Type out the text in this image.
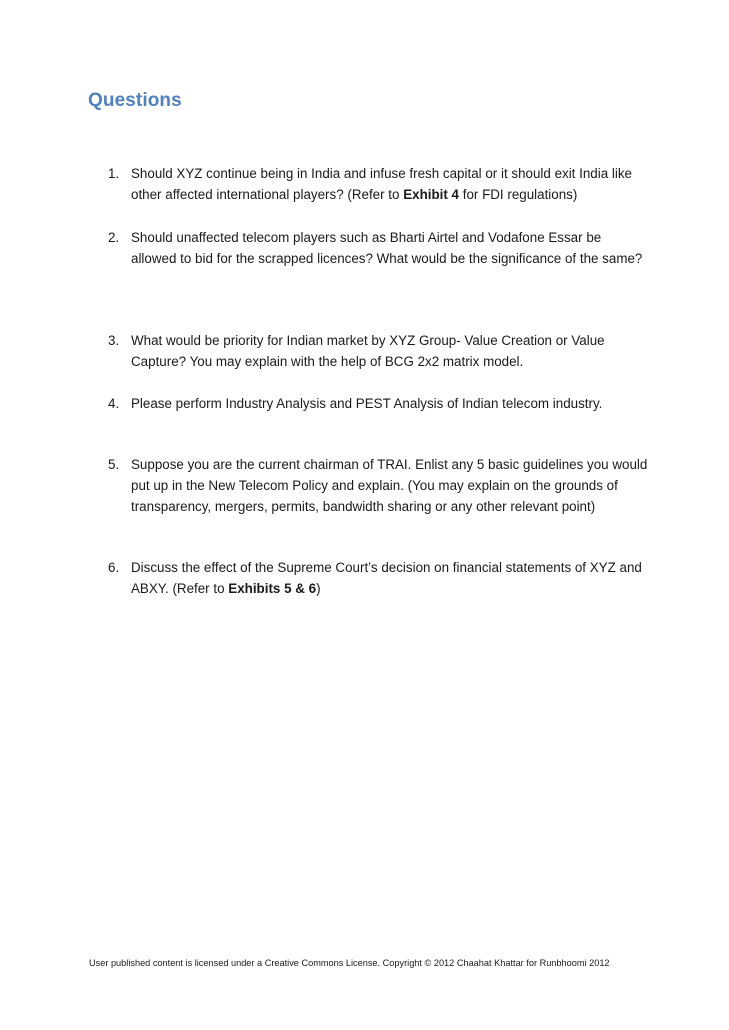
Questions
1. Should XYZ continue being in India and infuse fresh capital or it should exit India like other affected international players? (Refer to Exhibit 4 for FDI regulations)
2. Should unaffected telecom players such as Bharti Airtel and Vodafone Essar be allowed to bid for the scrapped licences? What would be the significance of the same?
3. What would be priority for Indian market by XYZ Group- Value Creation or Value Capture? You may explain with the help of BCG 2x2 matrix model.
4. Please perform Industry Analysis and PEST Analysis of Indian telecom industry.
5. Suppose you are the current chairman of TRAI. Enlist any 5 basic guidelines you would put up in the New Telecom Policy and explain. (You may explain on the grounds of transparency, mergers, permits, bandwidth sharing or any other relevant point)
6. Discuss the effect of the Supreme Court’s decision on financial statements of XYZ and ABXY. (Refer to Exhibits 5 & 6)
User published content is licensed under a Creative Commons License. Copyright © 2012 Chaahat Khattar for Runbhoomi 2012
